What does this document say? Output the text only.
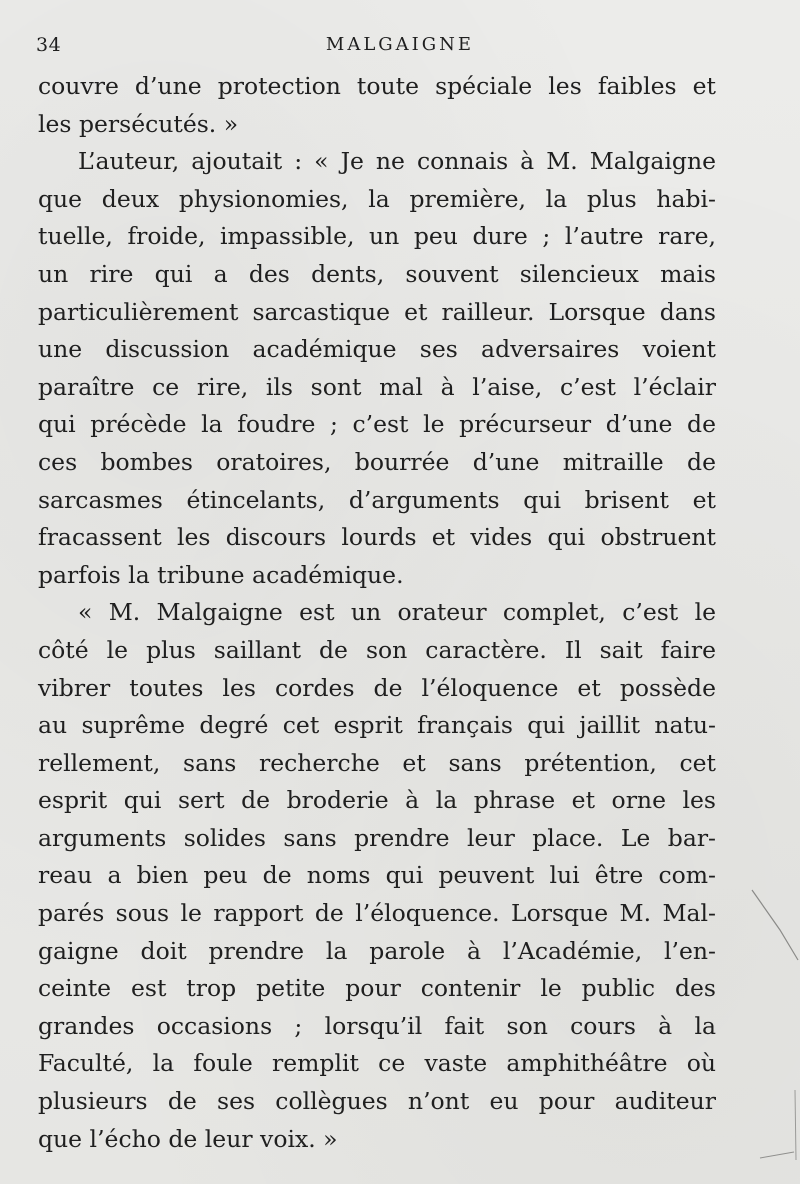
34	MALGAIGNE
couvre d’une protection toute spéciale les faibles et
les persécutés. »
L’auteur, ajoutait : « Je ne connais à M. Malgaigne
que deux physionomies, la première, la plus habi-
tuelle, froide, impassible, un peu dure ; l’autre rare,
un rire qui a des dents, souvent silencieux mais
particulièrement sarcastique et railleur. Lorsque dans
une discussion académique ses adversaires voient
paraître ce rire, ils sont mal à l’aise, c’est l’éclair
qui précède la foudre ; c’est le précurseur d’une de
ces bombes oratoires, bourrée d’une mitraille de
sarcasmes étincelants, d’arguments qui brisent et
fracassent les discours lourds et vides qui obstruent
parfois la tribune académique.
« M. Malgaigne est un orateur complet, c’est le
côté le plus saillant de son caractère. Il sait faire
vibrer toutes les cordes de l’éloquence et possède
au suprême degré cet esprit français qui jaillit natu-
rellement, sans recherche et sans prétention, cet
esprit qui sert de broderie à la phrase et orne les
arguments solides sans prendre leur place. Le bar-
reau a bien peu de noms qui peuvent lui être com-
parés sous le rapport de l’éloquence. Lorsque M. Mal-
gaigne doit prendre la parole à l’Académie, l’en-
ceinte est trop petite pour contenir le public des
grandes occasions ; lorsqu’il fait son cours à la
Faculté, la foule remplit ce vaste amphithéâtre où
plusieurs de ses collègues n’ont eu pour auditeur
que l’écho de leur voix. »
